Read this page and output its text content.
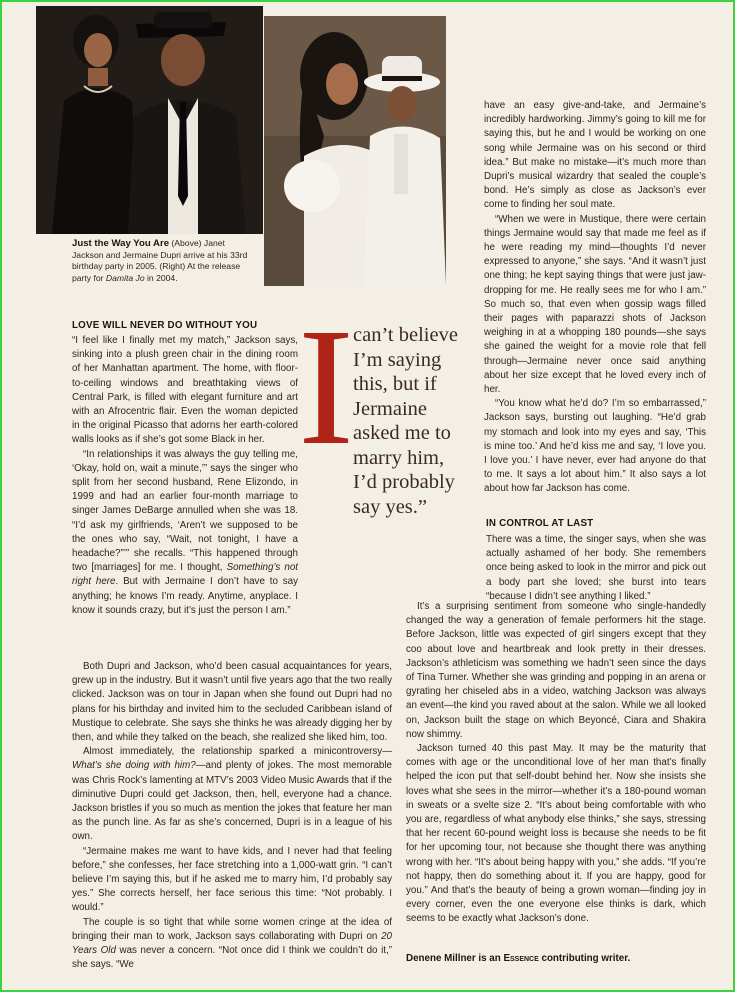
Just the Way You Are (Above) Janet Jackson and Jermaine Dupri arrive at his 33rd birthday party in 2005. (Right) At the release party for Damita Jo in 2004.
LOVE WILL NEVER DO WITHOUT YOU

“I feel like I finally met my match,” Jackson says, sinking into a plush green chair in the dining room of her Manhattan apartment. The home, with floor-to-ceiling windows and breathtaking views of Central Park, is filled with elegant furniture and art with an Afrocentric flair. Even the woman depicted in the original Picasso that adorns her earth-colored walls looks as if she’s got some Black in her.

“In relationships it was always the guy telling me, ‘Okay, hold on, wait a minute,’” says the singer who split from her second husband, Rene Elizondo, in 1999 and had an earlier four-month marriage to singer James DeBarge annulled when she was 18. “I’d ask my girlfriends, ‘Aren’t we supposed to be the ones who say, “Wait, not tonight, I have a headache?”’” she recalls. “This happened through two [marriages] for me. I thought, Something’s not right here. But with Jermaine I don’t have to say anything; he knows I’m ready. Anytime, anyplace. I know it sounds crazy, but it’s just the person I am.”

Both Dupri and Jackson, who’d been casual acquaintances for years, grew up in the industry. But it wasn’t until five years ago that the two really clicked. Jackson was on tour in Japan when she found out Dupri had no plans for his birthday and invited him to the secluded Caribbean island of Mustique to celebrate. She says she thinks he was already digging her by then, and while they talked on the beach, she realized she liked him, too.

Almost immediately, the relationship sparked a minicontroversy—What’s she doing with him?—and plenty of jokes. The most memorable was Chris Rock’s lamenting at MTV’s 2003 Video Music Awards that if the diminutive Dupri could get Jackson, then, hell, everyone had a chance. Jackson bristles if you so much as mention the jokes that feature her man as the punch line. As far as she’s concerned, Dupri is in a league of his own.

“Jermaine makes me want to have kids, and I never had that feeling before,” she confesses, her face stretching into a 1,000-watt grin. “I can’t believe I’m saying this, but if he asked me to marry him, I’d probably say yes.” She corrects herself, her face serious this time: “Not probably. I would.”

The couple is so tight that while some women cringe at the idea of bringing their man to work, Jackson says collaborating with Dupri on 20 Years Old was never a concern. “Not once did I think we couldn’t do it,” she says. “We

I can’t believe I’m saying this, but if Jermaine asked me to marry him, I’d probably say yes.”

have an easy give-and-take, and Jermaine’s incredibly hardworking. Jimmy’s going to kill me for saying this, but he and I would be working on one song while Jermaine was on his second or third idea.” But make no mistake—it’s much more than Dupri’s musical wizardry that sealed the couple’s bond. He’s simply as close as Jackson’s ever come to finding her soul mate.

“When we were in Mustique, there were certain things Jermaine would say that made me feel as if he were reading my mind—thoughts I’d never expressed to anyone,” she says. “And it wasn’t just one thing; he kept saying things that were just jaw-dropping for me. He really sees me for who I am.” So much so, that even when gossip wags filled their pages with paparazzi shots of Jackson weighing in at a whopping 180 pounds—she says she gained the weight for a movie role that fell through—Jermaine never once said anything about her size except that he loved every inch of her.

“You know what he’d do? I’m so embarrassed,” Jackson says, bursting out laughing. “He’d grab my stomach and look into my eyes and say, ‘This is mine too.’ And he’d kiss me and say, ‘I love you. I love you.’ I have never, ever had anyone do that to me. It says a lot about him.” It also says a lot about how far Jackson has come.

IN CONTROL AT LAST

There was a time, the singer says, when she was actually ashamed of her body. She remembers once being asked to look in the mirror and pick out a body part she loved; she burst into tears “because I didn’t see anything I liked.”

It’s a surprising sentiment from someone who single-handedly changed the way a generation of female performers hit the stage. Before Jackson, little was expected of girl singers except that they coo about love and heartbreak and look pretty in their dresses. Jackson’s athleticism was something we hadn’t seen since the days of Tina Turner. Whether she was grinding and popping in an arena or gyrating her chiseled abs in a video, watching Jackson was always an event—the kind you raved about at the salon. While we all looked on, Jackson built the stage on which Beyoncé, Ciara and Shakira now shimmy.

Jackson turned 40 this past May. It may be the maturity that comes with age or the unconditional love of her man that’s finally helped the icon put that self-doubt behind her. Now she insists she loves what she sees in the mirror—whether it’s a 180-pound woman in sweats or a svelte size 2. “It’s about being comfortable with who you are, regardless of what anybody else thinks,” she says, stressing that her recent 60-pound weight loss is because she needs to be fit for her upcoming tour, not because she thought there was anything wrong with her. “It’s about being happy with you,” she adds. “If you’re not happy, then do something about it. If you are happy, good for you.” And that’s the beauty of being a grown woman—finding joy in every corner, even the one everyone else thinks is dark, which seems to be exactly what Jackson’s done.

Denene Millner is an Essence contributing writer.
